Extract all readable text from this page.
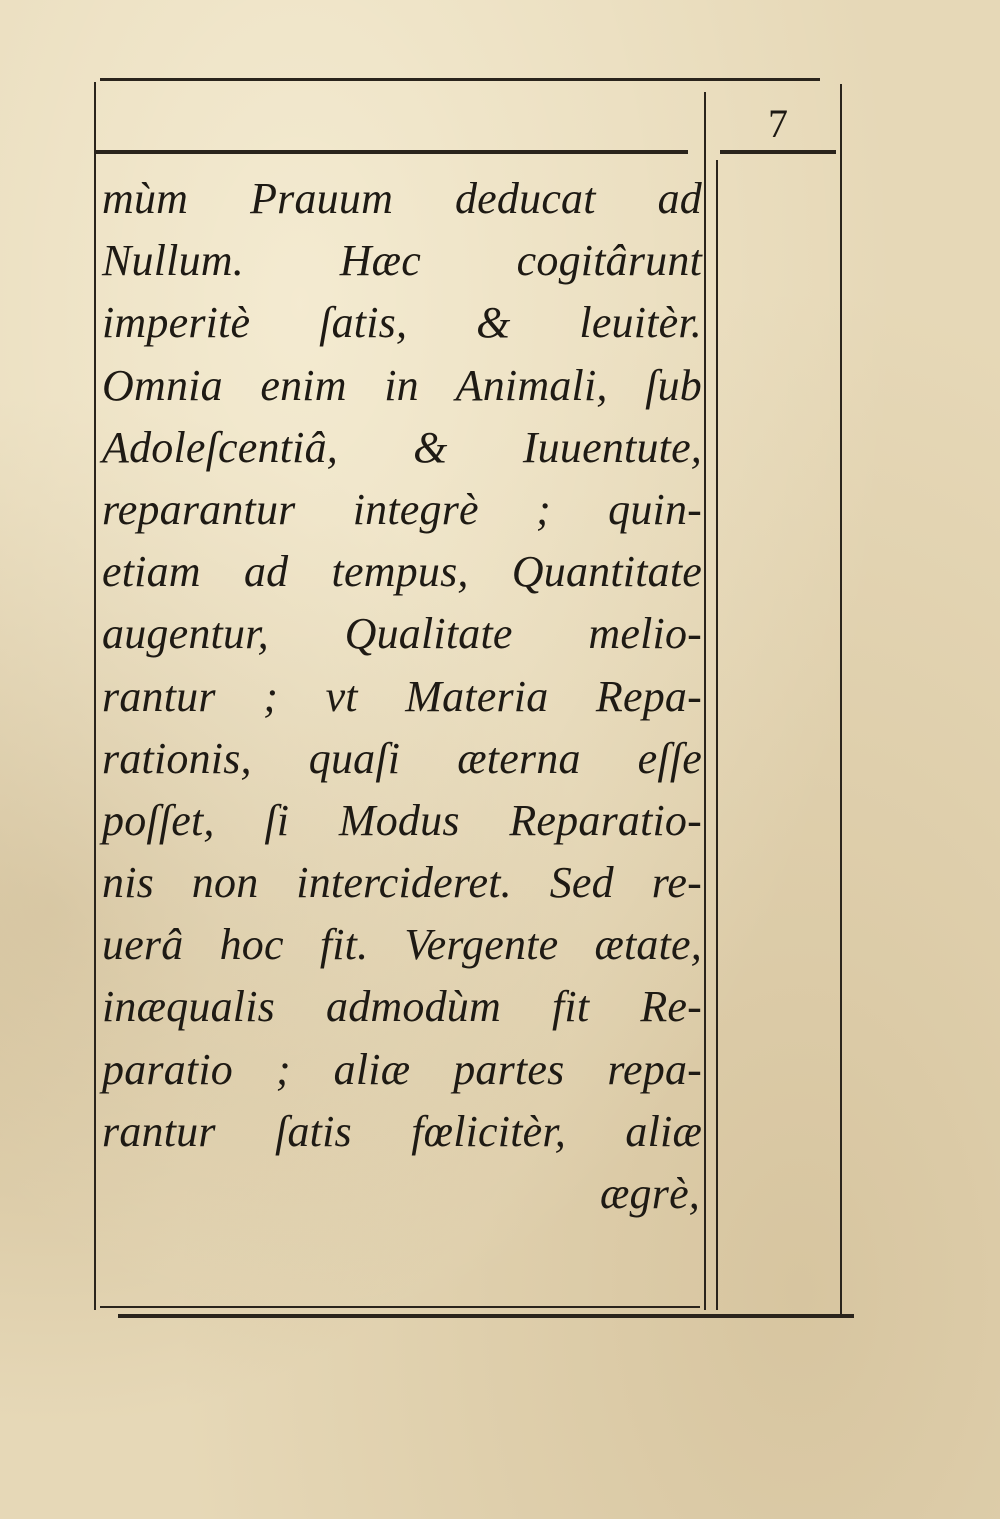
7
mùm Prauum deducat ad
Nullum. Hæc cogitârunt
imperitè ſatis, & leuitèr.
Omnia enim in Animali, ſub
Adoleſcentiâ, & Iuuentute,
reparantur integrè ; quin-
etiam ad tempus, Quantitate
augentur, Qualitate melio-
rantur ; vt Materia Repa-
rationis, quaſi æterna eſſe
poſſet, ſi Modus Reparatio-
nis non intercideret. Sed re-
uerâ hoc fit. Vergente ætate,
inæqualis admodùm fit Re-
paratio ; aliæ partes repa-
rantur ſatis fœlicitèr, aliæ
ægrè,
